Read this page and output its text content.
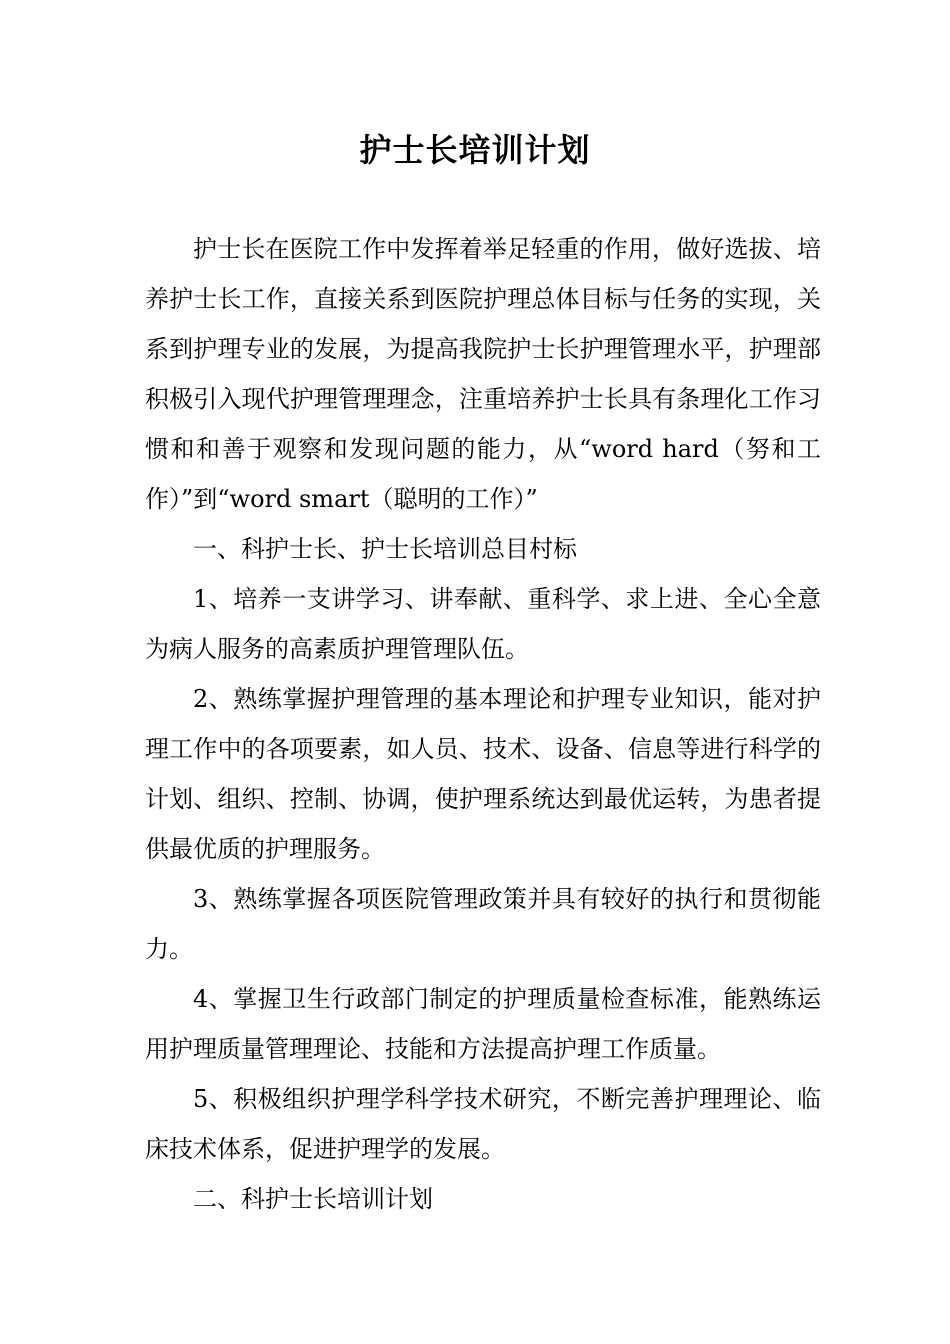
护士长培训计划

护士长在医院工作中发挥着举足轻重的作用，做好选拔、培养护士长工作，直接关系到医院护理总体目标与任务的实现，关系到护理专业的发展，为提高我院护士长护理管理水平，护理部积极引入现代护理管理理念，注重培养护士长具有条理化工作习惯和和善于观察和发现问题的能力，从“word hard（努和工作）”到“word smart（聪明的工作）”

一、科护士长、护士长培训总目村标

1、培养一支讲学习、讲奉献、重科学、求上进、全心全意为病人服务的高素质护理管理队伍。

2、熟练掌握护理管理的基本理论和护理专业知识，能对护理工作中的各项要素，如人员、技术、设备、信息等进行科学的计划、组织、控制、协调，使护理系统达到最优运转，为患者提供最优质的护理服务。

3、熟练掌握各项医院管理政策并具有较好的执行和贯彻能力。

4、掌握卫生行政部门制定的护理质量检查标准，能熟练运用护理质量管理理论、技能和方法提高护理工作质量。

5、积极组织护理学科学技术研究，不断完善护理理论、临床技术体系，促进护理学的发展。

二、科护士长培训计划
